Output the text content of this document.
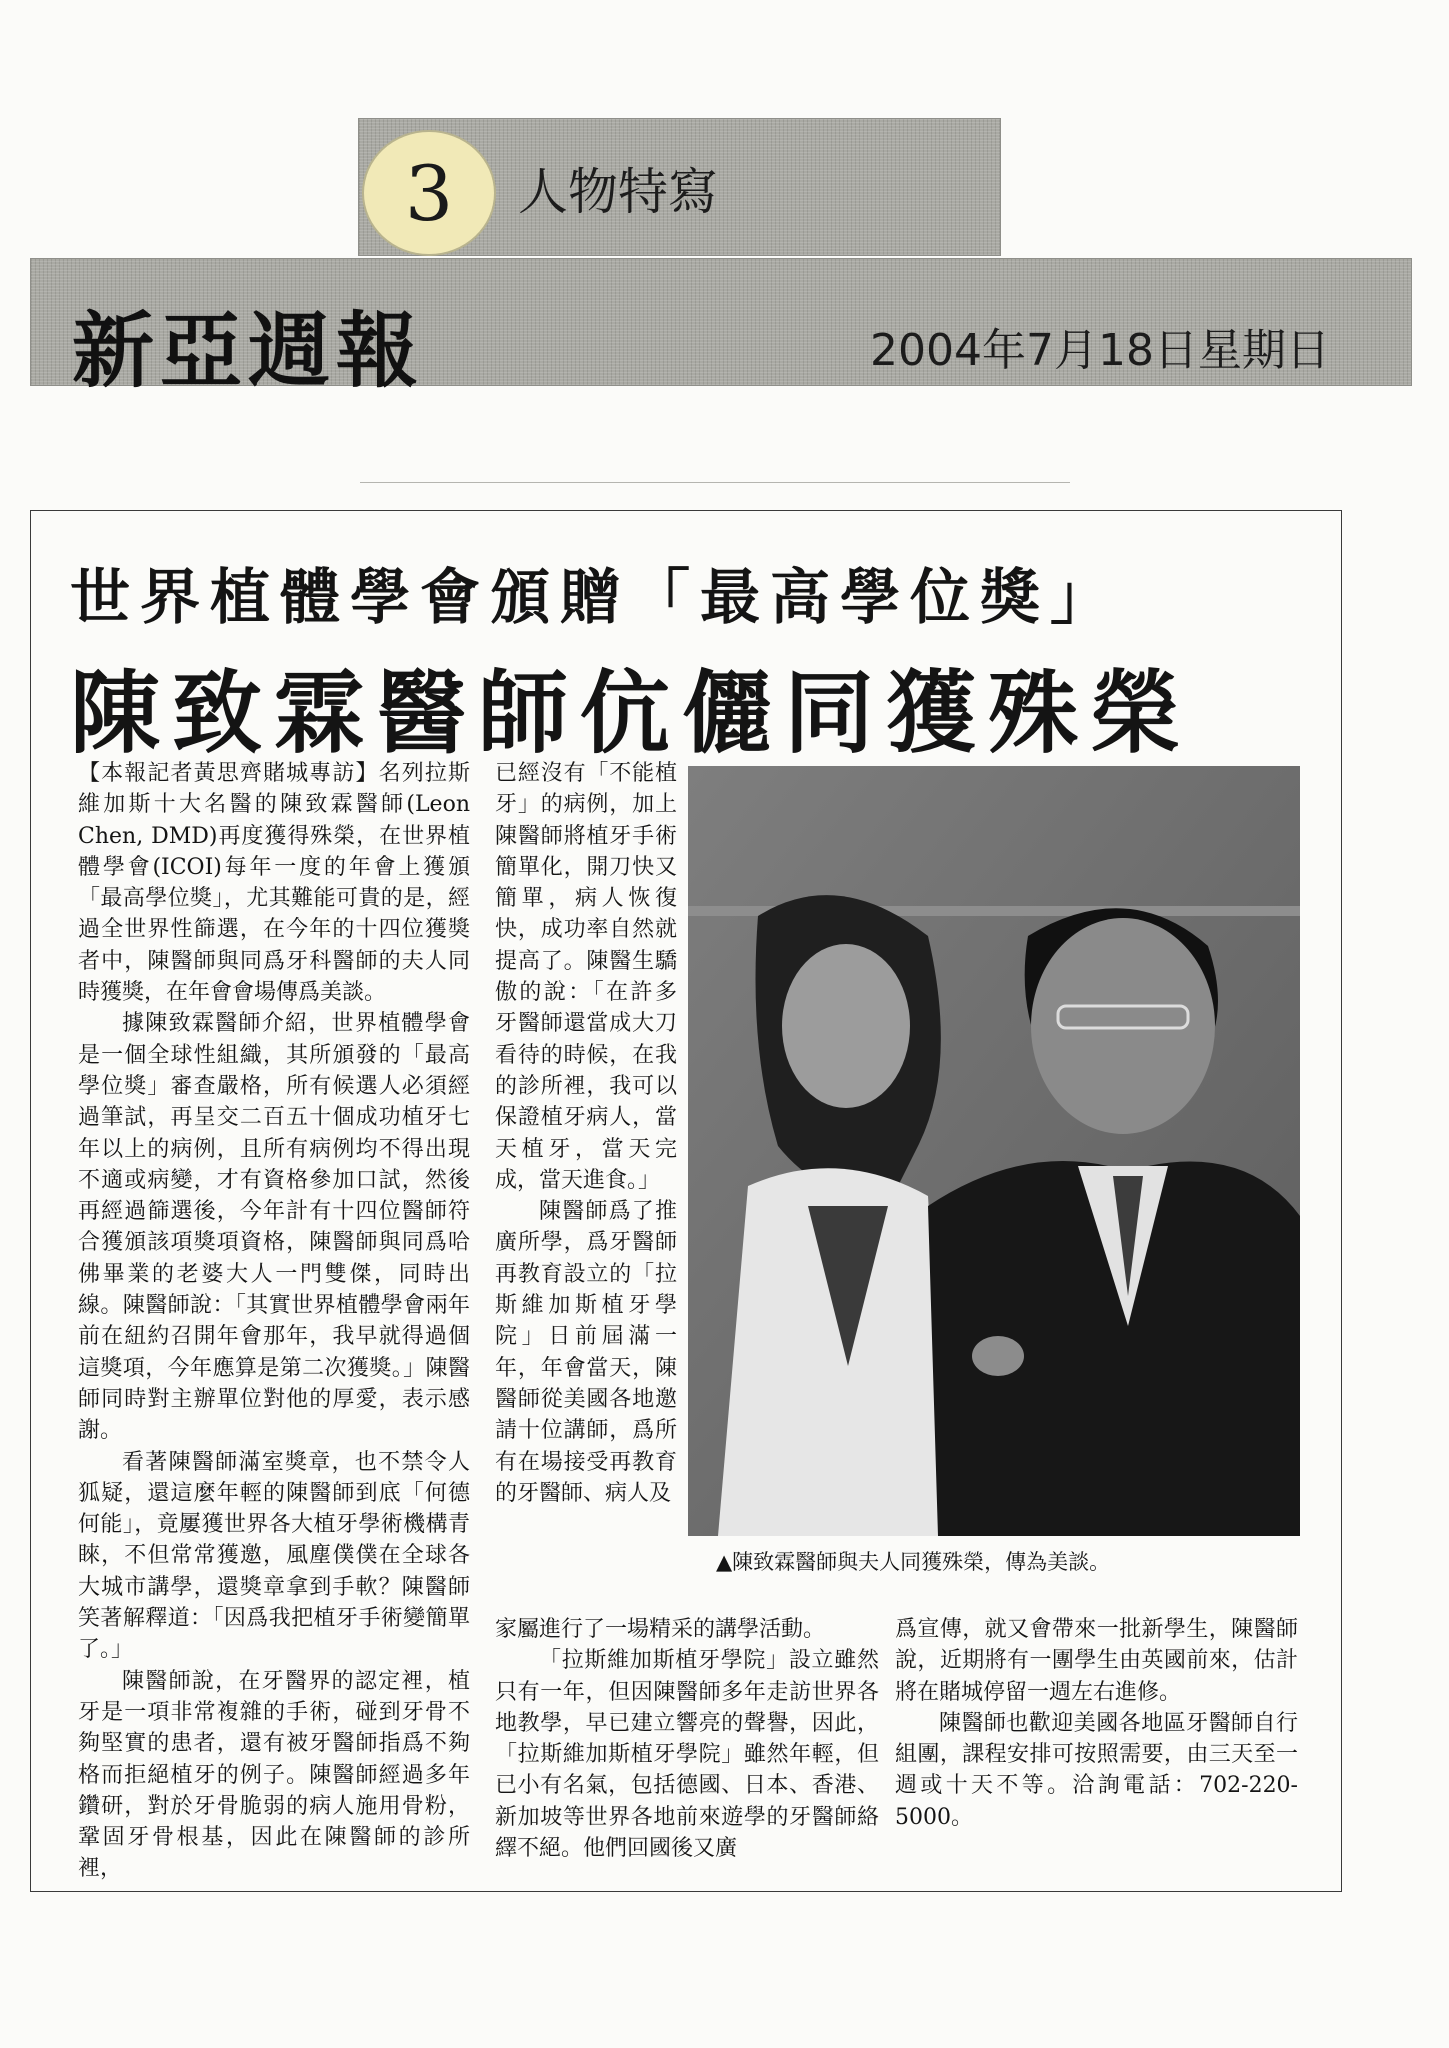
3 人物特寫
新亞週報	2004年7月18日星期日
世界植體學會頒贈「最高學位獎」
陳致霖醫師伉儷同獲殊榮

【本報記者黃思齊賭城專訪】名列拉斯維加斯十大名醫的陳致霖醫師(Leon Chen, DMD)再度獲得殊榮，在世界植體學會(ICOI)每年一度的年會上獲頒「最高學位獎」，尤其難能可貴的是，經過全世界性篩選，在今年的十四位獲獎者中，陳醫師與同爲牙科醫師的夫人同時獲獎，在年會會場傳爲美談。

據陳致霖醫師介紹，世界植體學會是一個全球性組織，其所頒發的「最高學位獎」審查嚴格，所有候選人必須經過筆試，再呈交二百五十個成功植牙七年以上的病例，且所有病例均不得出現不適或病變，才有資格參加口試，然後再經過篩選後，今年計有十四位醫師符合獲頒該項獎項資格，陳醫師與同爲哈佛畢業的老婆大人一門雙傑，同時出線。陳醫師說：「其實世界植體學會兩年前在紐約召開年會那年，我早就得過個這獎項，今年應算是第二次獲獎。」陳醫師同時對主辦單位對他的厚愛，表示感謝。

看著陳醫師滿室獎章，也不禁令人狐疑，還這麼年輕的陳醫師到底「何德何能」，竟屢獲世界各大植牙學術機構青睞，不但常常獲邀，風塵僕僕在全球各大城市講學，還獎章拿到手軟？陳醫師笑著解釋道：「因爲我把植牙手術變簡單了。」

陳醫師說，在牙醫界的認定裡，植牙是一項非常複雜的手術，碰到牙骨不夠堅實的患者，還有被牙醫師指爲不夠格而拒絕植牙的例子。陳醫師經過多年鑽研，對於牙骨脆弱的病人施用骨粉，鞏固牙骨根基，因此在陳醫師的診所裡，

已經沒有「不能植牙」的病例，加上陳醫師將植牙手術簡單化，開刀快又簡單，病人恢復快，成功率自然就提高了。陳醫生驕傲的說：「在許多牙醫師還當成大刀看待的時候，在我的診所裡，我可以保證植牙病人，當天植牙，當天完成，當天進食。」

陳醫師爲了推廣所學，爲牙醫師再教育設立的「拉斯維加斯植牙學院」日前屆滿一年，年會當天，陳醫師從美國各地邀請十位講師，爲所有在場接受再教育的牙醫師、病人及

▲陳致霖醫師與夫人同獲殊榮，傳為美談。

家屬進行了一場精采的講學活動。

「拉斯維加斯植牙學院」設立雖然只有一年，但因陳醫師多年走訪世界各地教學，早已建立響亮的聲譽，因此，「拉斯維加斯植牙學院」雖然年輕，但已小有名氣，包括德國、日本、香港、新加坡等世界各地前來遊學的牙醫師絡繹不絕。他們回國後又廣

爲宣傳，就又會帶來一批新學生，陳醫師說，近期將有一團學生由英國前來，估計將在賭城停留一週左右進修。

陳醫師也歡迎美國各地區牙醫師自行組團，課程安排可按照需要，由三天至一週或十天不等。洽詢電話：702-220-5000。
